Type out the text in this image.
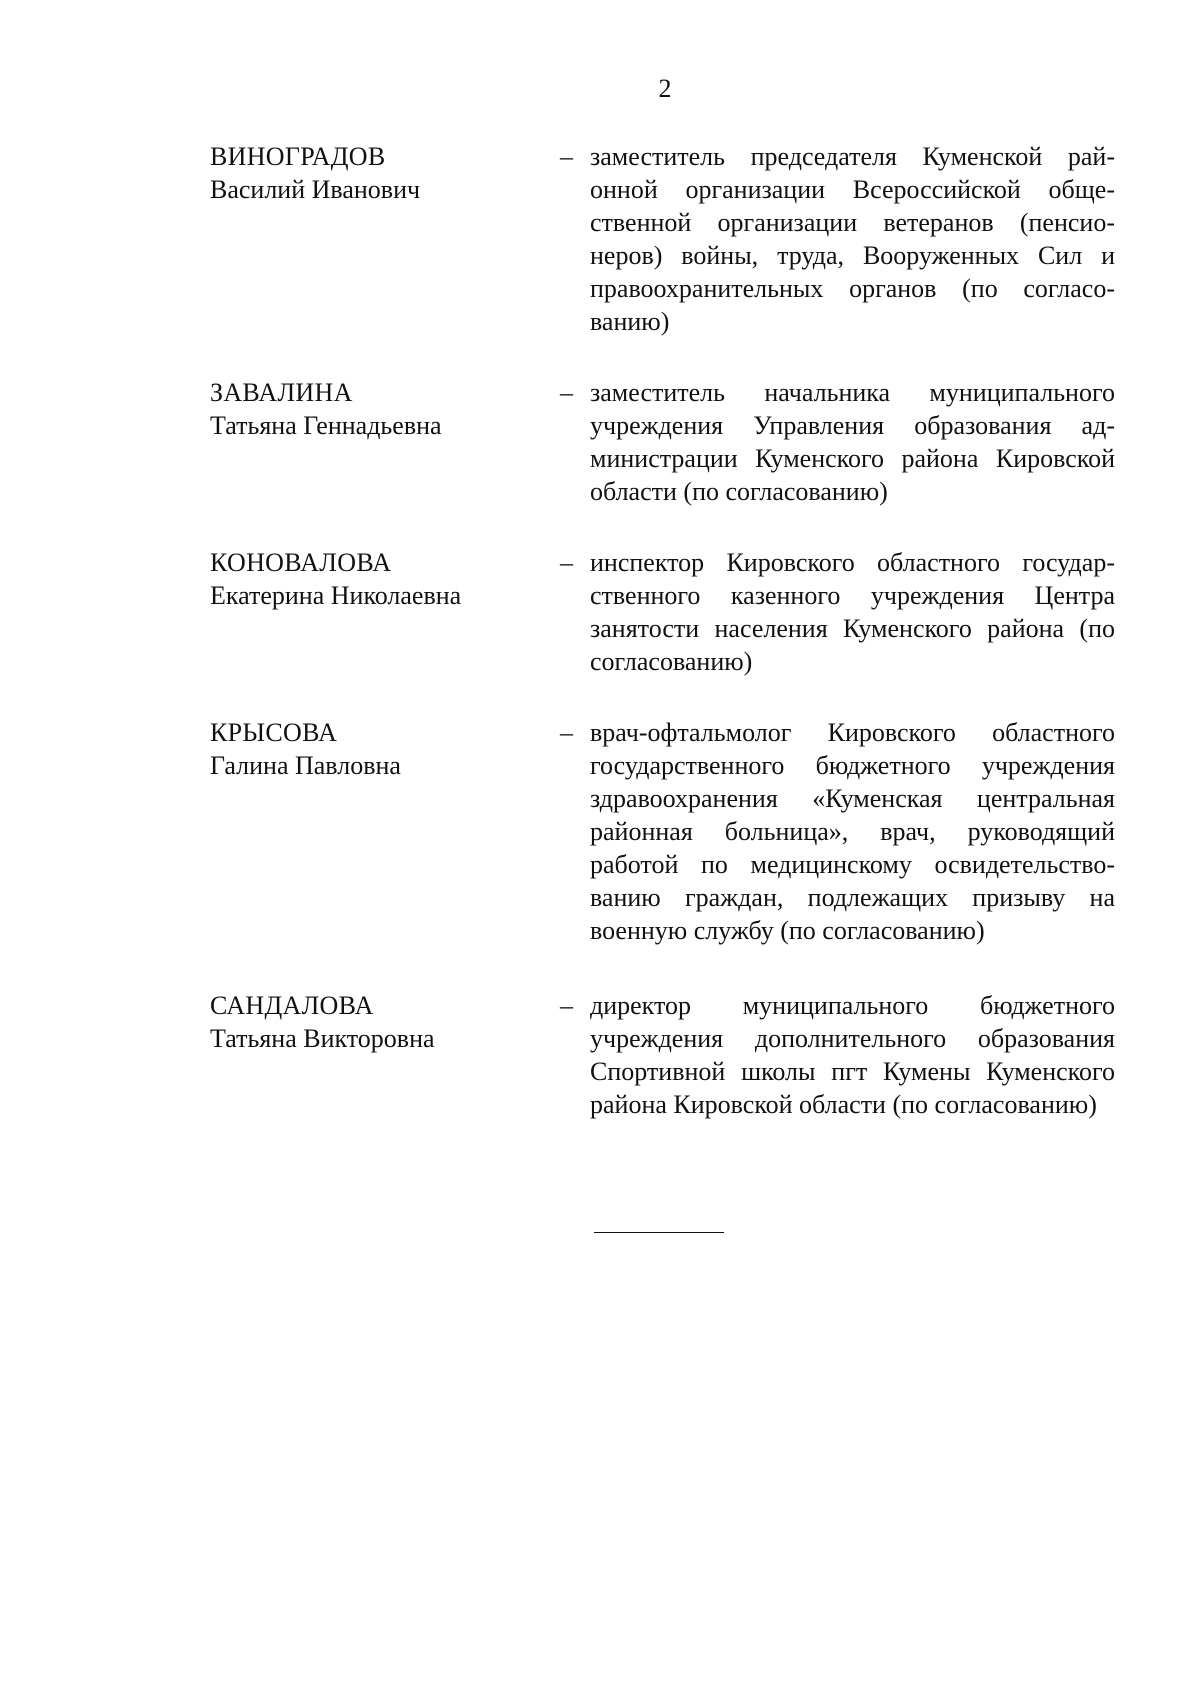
2
ВИНОГРАДОВ
Василий Иванович
– заместитель председателя Куменской районной организации Всероссийской общественной организации ветеранов (пенсионеров) войны, труда, Вооруженных Сил и правоохранительных органов (по согласованию)
ЗАВАЛИНА
Татьяна Геннадьевна
– заместитель начальника муниципального учреждения Управления образования администрации Куменского района Кировской области (по согласованию)
КОНОВАЛОВА
Екатерина Николаевна
– инспектор Кировского областного государственного казенного учреждения Центра занятости населения Куменского района (по согласованию)
КРЫСОВА
Галина Павловна
– врач-офтальмолог Кировского областного государственного бюджетного учреждения здравоохранения «Куменская центральная районная больница», врач, руководящий работой по медицинскому освидетельствованию граждан, подлежащих призыву на военную службу (по согласованию)
САНДАЛОВА
Татьяна Викторовна
– директор муниципального бюджетного учреждения дополнительного образования Спортивной школы пгт Кумены Куменского района Кировской области (по согласованию)
